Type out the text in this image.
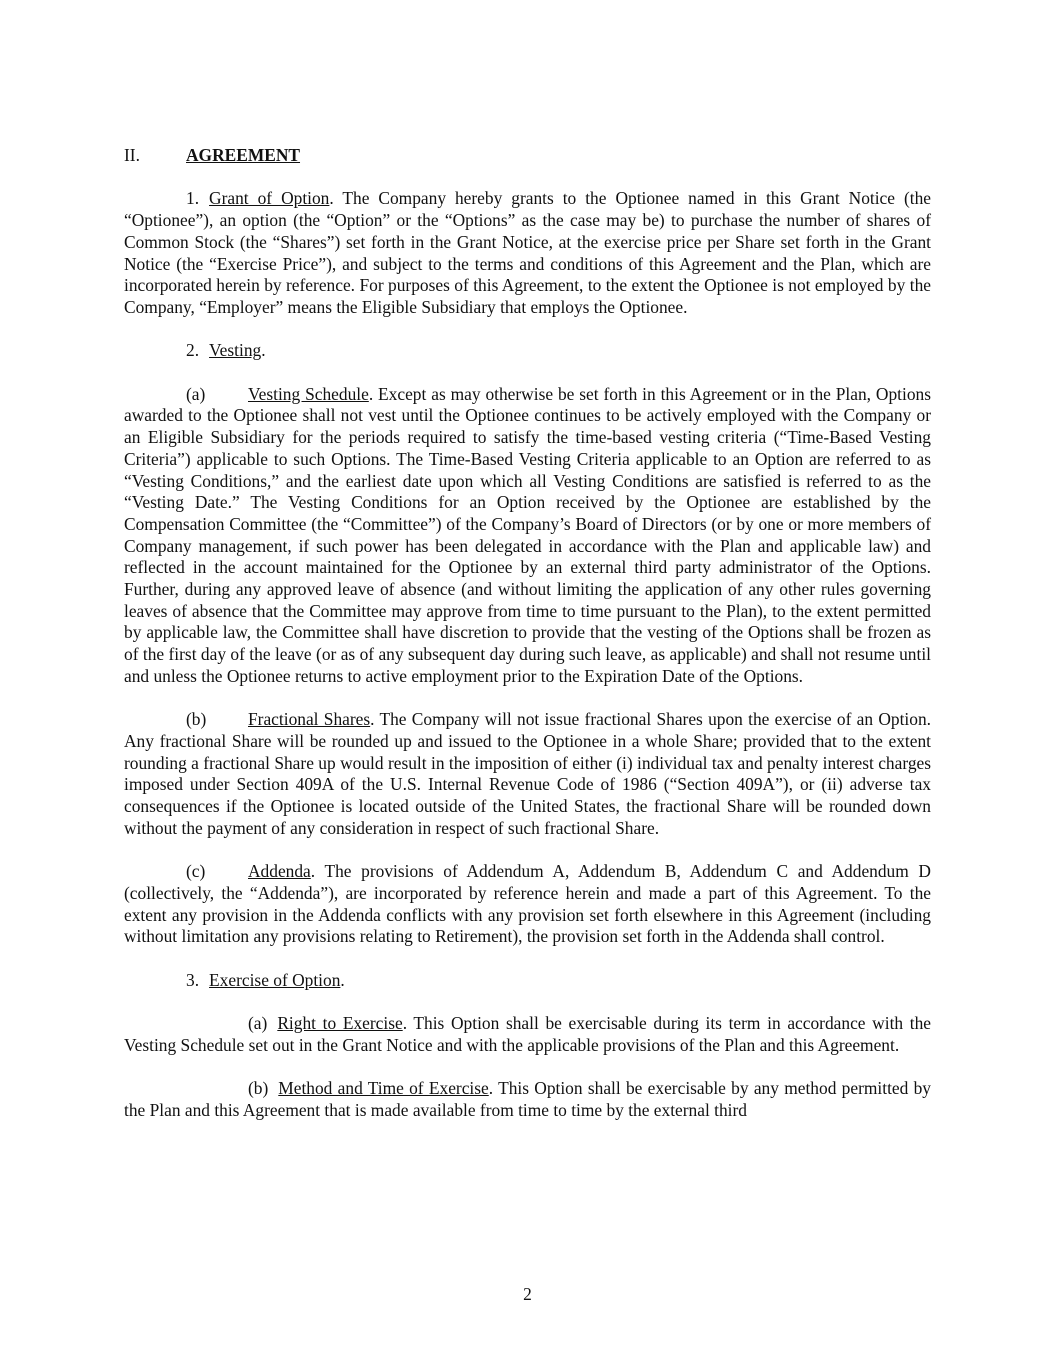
II.	AGREEMENT

1. Grant of Option. The Company hereby grants to the Optionee named in this Grant Notice (the “Optionee”), an option (the “Option” or the “Options” as the case may be) to purchase the number of shares of Common Stock (the “Shares”) set forth in the Grant Notice, at the exercise price per Share set forth in the Grant Notice (the “Exercise Price”), and subject to the terms and conditions of this Agreement and the Plan, which are incorporated herein by reference. For purposes of this Agreement, to the extent the Optionee is not employed by the Company, “Employer” means the Eligible Subsidiary that employs the Optionee.

2. Vesting.

(a) Vesting Schedule. Except as may otherwise be set forth in this Agreement or in the Plan, Options awarded to the Optionee shall not vest until the Optionee continues to be actively employed with the Company or an Eligible Subsidiary for the periods required to satisfy the time-based vesting criteria (“Time-Based Vesting Criteria”) applicable to such Options. The Time-Based Vesting Criteria applicable to an Option are referred to as “Vesting Conditions,” and the earliest date upon which all Vesting Conditions are satisfied is referred to as the “Vesting Date.” The Vesting Conditions for an Option received by the Optionee are established by the Compensation Committee (the “Committee”) of the Company’s Board of Directors (or by one or more members of Company management, if such power has been delegated in accordance with the Plan and applicable law) and reflected in the account maintained for the Optionee by an external third party administrator of the Options. Further, during any approved leave of absence (and without limiting the application of any other rules governing leaves of absence that the Committee may approve from time to time pursuant to the Plan), to the extent permitted by applicable law, the Committee shall have discretion to provide that the vesting of the Options shall be frozen as of the first day of the leave (or as of any subsequent day during such leave, as applicable) and shall not resume until and unless the Optionee returns to active employment prior to the Expiration Date of the Options.

(b) Fractional Shares. The Company will not issue fractional Shares upon the exercise of an Option. Any fractional Share will be rounded up and issued to the Optionee in a whole Share; provided that to the extent rounding a fractional Share up would result in the imposition of either (i) individual tax and penalty interest charges imposed under Section 409A of the U.S. Internal Revenue Code of 1986 (“Section 409A”), or (ii) adverse tax consequences if the Optionee is located outside of the United States, the fractional Share will be rounded down without the payment of any consideration in respect of such fractional Share.

(c) Addenda. The provisions of Addendum A, Addendum B, Addendum C and Addendum D (collectively, the “Addenda”), are incorporated by reference herein and made a part of this Agreement. To the extent any provision in the Addenda conflicts with any provision set forth elsewhere in this Agreement (including without limitation any provisions relating to Retirement), the provision set forth in the Addenda shall control.

3. Exercise of Option.

(a) Right to Exercise. This Option shall be exercisable during its term in accordance with the Vesting Schedule set out in the Grant Notice and with the applicable provisions of the Plan and this Agreement.

(b) Method and Time of Exercise. This Option shall be exercisable by any method permitted by the Plan and this Agreement that is made available from time to time by the external third

2
